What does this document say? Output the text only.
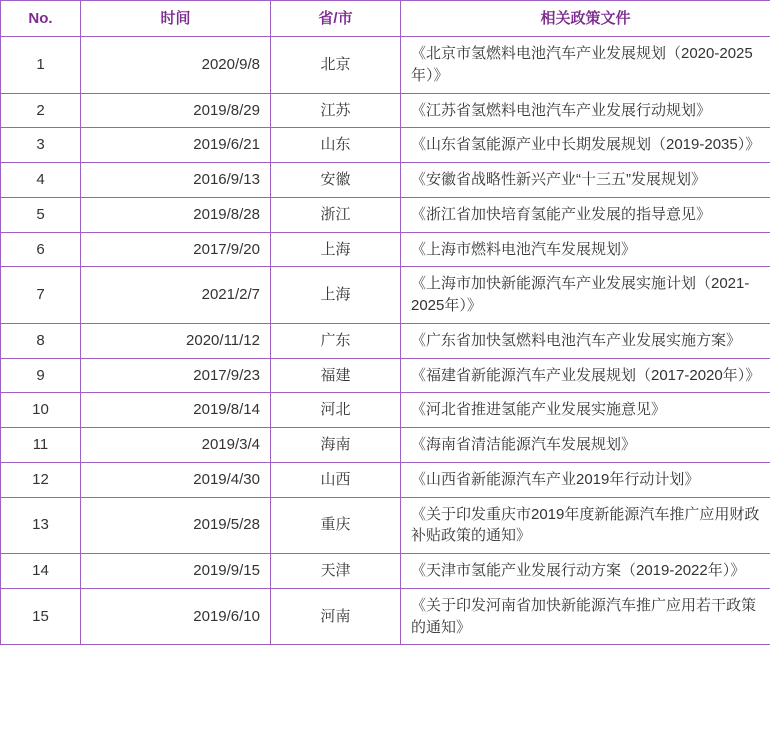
No.	时间	省/市	相关政策文件
1	2020/9/8	北京	《北京市氢燃料电池汽车产业发展规划（2020-2025年）》
2	2019/8/29	江苏	《江苏省氢燃料电池汽车产业发展行动规划》
3	2019/6/21	山东	《山东省氢能源产业中长期发展规划（2019-2035）》
4	2016/9/13	安徽	《安徽省战略性新兴产业“十三五”发展规划》
5	2019/8/28	浙江	《浙江省加快培育氢能产业发展的指导意见》
6	2017/9/20	上海	《上海市燃料电池汽车发展规划》
7	2021/2/7	上海	《上海市加快新能源汽车产业发展实施计划（2021-2025年）》
8	2020/11/12	广东	《广东省加快氢燃料电池汽车产业发展实施方案》
9	2017/9/23	福建	《福建省新能源汽车产业发展规划（2017-2020年）》
10	2019/8/14	河北	《河北省推进氢能产业发展实施意见》
11	2019/3/4	海南	《海南省清洁能源汽车发展规划》
12	2019/4/30	山西	《山西省新能源汽车产业2019年行动计划》
13	2019/5/28	重庆	《关于印发重庆市2019年度新能源汽车推广应用财政补贴政策的通知》
14	2019/9/15	天津	《天津市氢能产业发展行动方案（2019-2022年）》
15	2019/6/10	河南	《关于印发河南省加快新能源汽车推广应用若干政策的通知》
